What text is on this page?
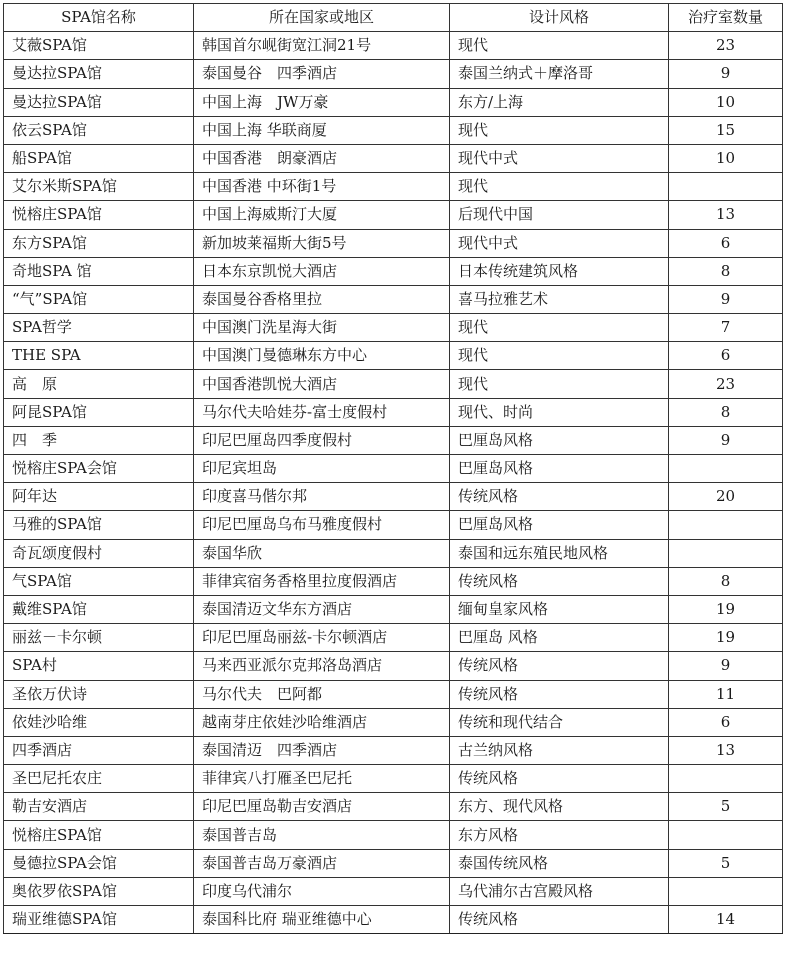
SPA馆名称	所在国家或地区	设计风格	治疗室数量
艾薇SPA馆	韩国首尔岘街宽江洞21号	现代	23
曼达拉SPA馆	泰国曼谷　四季酒店	泰国兰纳式＋摩洛哥	9
曼达拉SPA馆	中国上海　JW万豪	东方/上海	10
依云SPA馆	中国上海 华联商厦	现代	15
船SPA馆	中国香港　朗豪酒店	现代中式	10
艾尔米斯SPA馆	中国香港 中环街1号	现代	
悦榕庄SPA馆	中国上海威斯汀大厦	后现代中国	13
东方SPA馆	新加坡莱福斯大街5号	现代中式	6
奇地SPA 馆	日本东京凯悦大酒店	日本传统建筑风格	8
“气”SPA馆	泰国曼谷香格里拉	喜马拉雅艺术	9
SPA哲学	中国澳门洗星海大街	现代	7
THE SPA	中国澳门曼德琳东方中心	现代	6
高　原	中国香港凯悦大酒店	现代	23
阿昆SPA馆	马尔代夫哈娃芬-富士度假村	现代、时尚	8
四　季	印尼巴厘岛四季度假村	巴厘岛风格	9
悦榕庄SPA会馆	印尼宾坦岛	巴厘岛风格	
阿年达	印度喜马偕尔邦	传统风格	20
马雅的SPA馆	印尼巴厘岛乌布马雅度假村	巴厘岛风格	
奇瓦颂度假村	泰国华欣	泰国和远东殖民地风格	
气SPA馆	菲律宾宿务香格里拉度假酒店	传统风格	8
戴维SPA馆	泰国清迈文华东方酒店	缅甸皇家风格	19
丽兹－卡尔顿	印尼巴厘岛丽兹-卡尔顿酒店	巴厘岛 风格	19
SPA村	马来西亚派尔克邦洛岛酒店	传统风格	9
圣依万伏诗	马尔代夫　巴阿都	传统风格	11
依娃沙哈维	越南芽庄依娃沙哈维酒店	传统和现代结合	6
四季酒店	泰国清迈　四季酒店	古兰纳风格	13
圣巴尼托农庄	菲律宾八打雁圣巴尼托	传统风格	
勒吉安酒店	印尼巴厘岛勒吉安酒店	东方、现代风格	5
悦榕庄SPA馆	泰国普吉岛	东方风格	
曼德拉SPA会馆	泰国普吉岛万豪酒店	泰国传统风格	5
奥依罗依SPA馆	印度乌代浦尔	乌代浦尔古宫殿风格	
瑞亚维德SPA馆	泰国科比府 瑞亚维德中心	传统风格	14
